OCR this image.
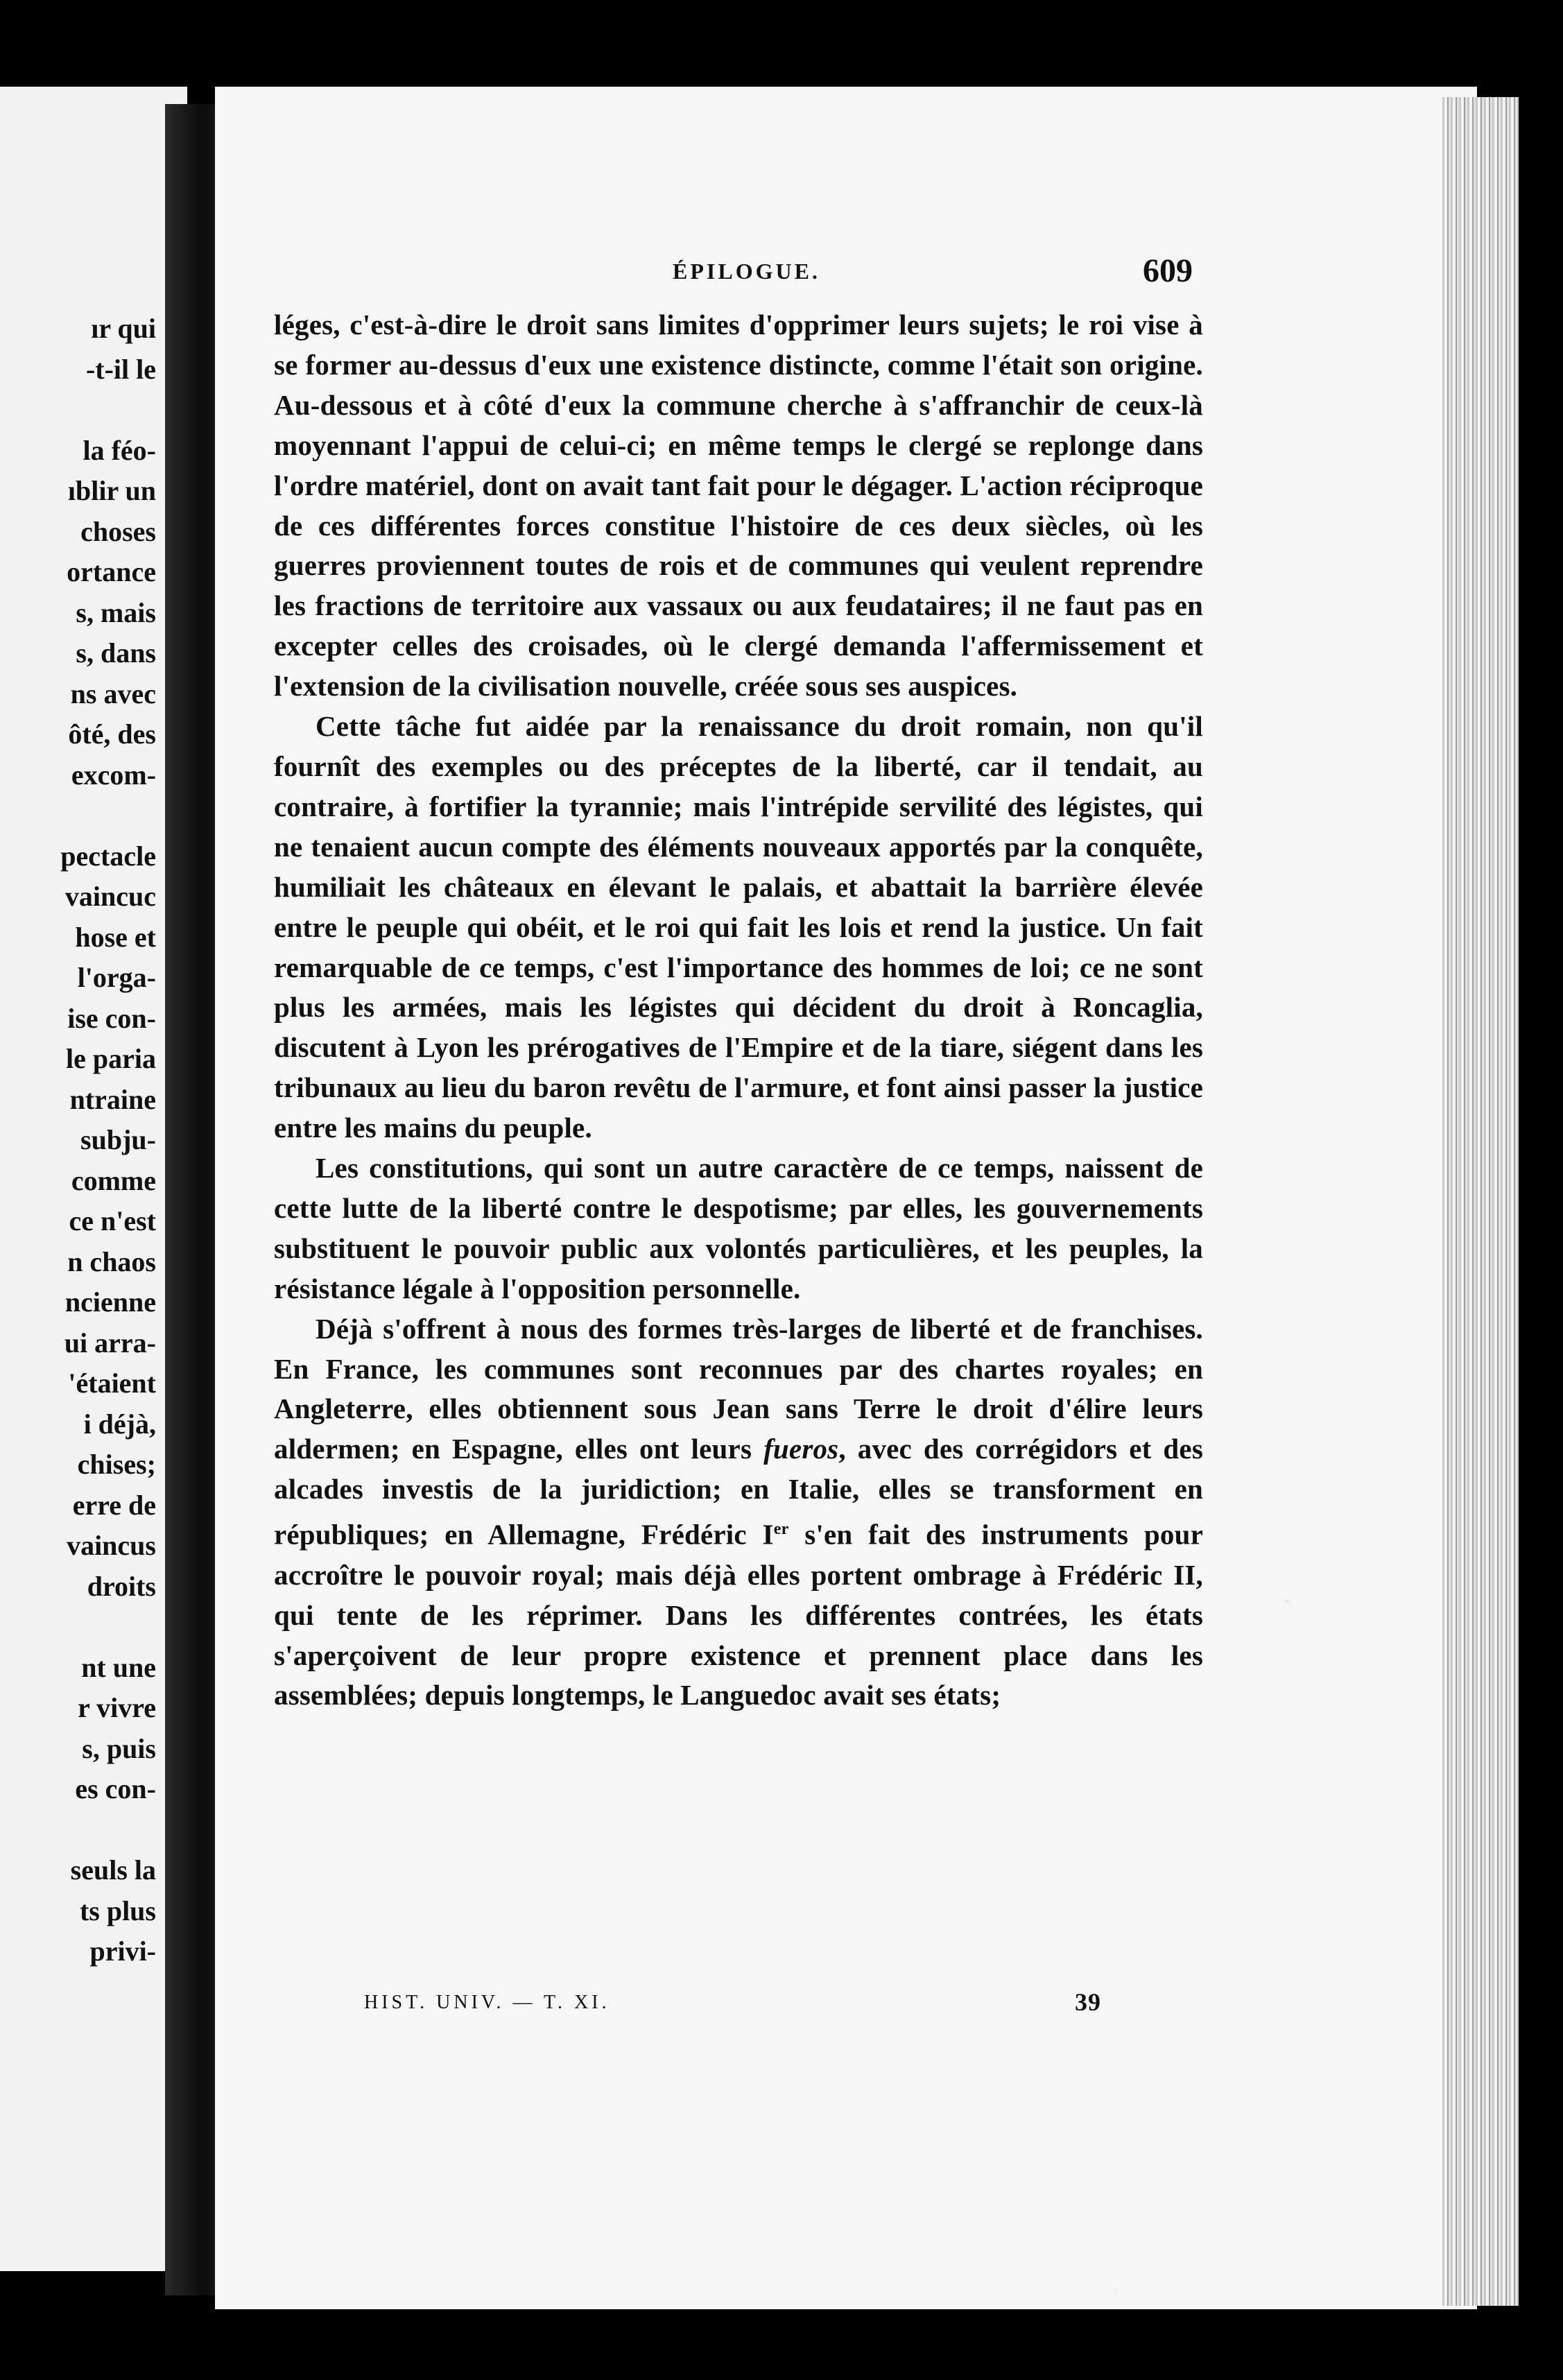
ır qui
-t-il le
la féo-
ıblir un
choses
ortance
s, mais
s, dans
ns avec
ôté, des
excom-
pectacle
vaincuc
hose et
l'orga-
ise con-
le paria
ntraine
subju-
comme
ce n'est
n chaos
ncienne
ui arra-
'étaient
i déjà,
chises;
erre de
vaincus
droits
nt une
r vivre
s, puis
es con-
seuls la
ts plus
privi-
ÉPILOGUE.	609

léges, c'est-à-dire le droit sans limites d'opprimer leurs sujets; le roi vise à se former au-dessus d'eux une existence distincte, comme l'était son origine. Au-dessous et à côté d'eux la commune cherche à s'affranchir de ceux-là moyennant l'appui de celui-ci; en même temps le clergé se replonge dans l'ordre matériel, dont on avait tant fait pour le dégager. L'action réciproque de ces différentes forces constitue l'histoire de ces deux siècles, où les guerres proviennent toutes de rois et de communes qui veulent reprendre les fractions de territoire aux vassaux ou aux feudataires; il ne faut pas en excepter celles des croisades, où le clergé demanda l'affermissement et l'extension de la civilisation nouvelle, créée sous ses auspices.

Cette tâche fut aidée par la renaissance du droit romain, non qu'il fournît des exemples ou des préceptes de la liberté, car il tendait, au contraire, à fortifier la tyrannie; mais l'intrépide servilité des légistes, qui ne tenaient aucun compte des éléments nouveaux apportés par la conquête, humiliait les châteaux en élevant le palais, et abattait la barrière élevée entre le peuple qui obéit, et le roi qui fait les lois et rend la justice. Un fait remarquable de ce temps, c'est l'importance des hommes de loi; ce ne sont plus les armées, mais les légistes qui décident du droit à Roncaglia, discutent à Lyon les prérogatives de l'Empire et de la tiare, siégent dans les tribunaux au lieu du baron revêtu de l'armure, et font ainsi passer la justice entre les mains du peuple.

Les constitutions, qui sont un autre caractère de ce temps, naissent de cette lutte de la liberté contre le despotisme; par elles, les gouvernements substituent le pouvoir public aux volontés particulières, et les peuples, la résistance légale à l'opposition personnelle.

Déjà s'offrent à nous des formes très-larges de liberté et de franchises. En France, les communes sont reconnues par des chartes royales; en Angleterre, elles obtiennent sous Jean sans Terre le droit d'élire leurs aldermen; en Espagne, elles ont leurs fueros, avec des corrégidors et des alcades investis de la juridiction; en Italie, elles se transforment en républiques; en Allemagne, Frédéric Ier s'en fait des instruments pour accroître le pouvoir royal; mais déjà elles portent ombrage à Frédéric II, qui tente de les réprimer. Dans les différentes contrées, les états s'aperçoivent de leur propre existence et prennent place dans les assemblées; depuis longtemps, le Languedoc avait ses états;

HIST. UNIV. — T. XI.	39
